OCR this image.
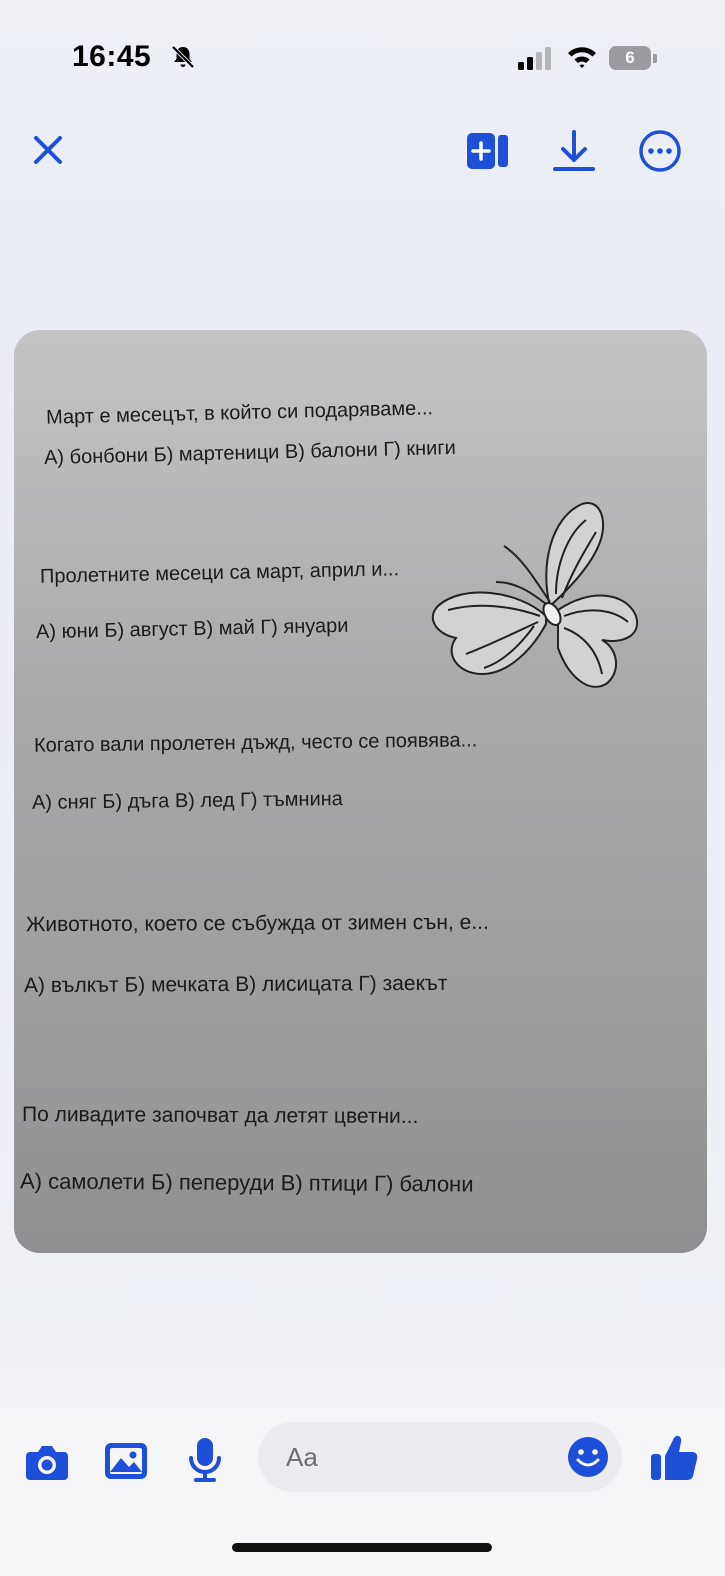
16:45	6
Март е месецът, в който си подаряваме...
А) бонбони Б) мартеници В) балони Г) книги
Пролетните месеци са март, април и...
А) юни Б) август В) май Г) януари
Когато вали пролетен дъжд, често се появява...
А) сняг Б) дъга В) лед Г) тъмнина
Животното, което се събужда от зимен сън, е...
А) вълкът Б) мечката В) лисицата Г) заекът
По ливадите започват да летят цветни...
А) самолети Б) пеперуди В) птици Г) балони
Aa
